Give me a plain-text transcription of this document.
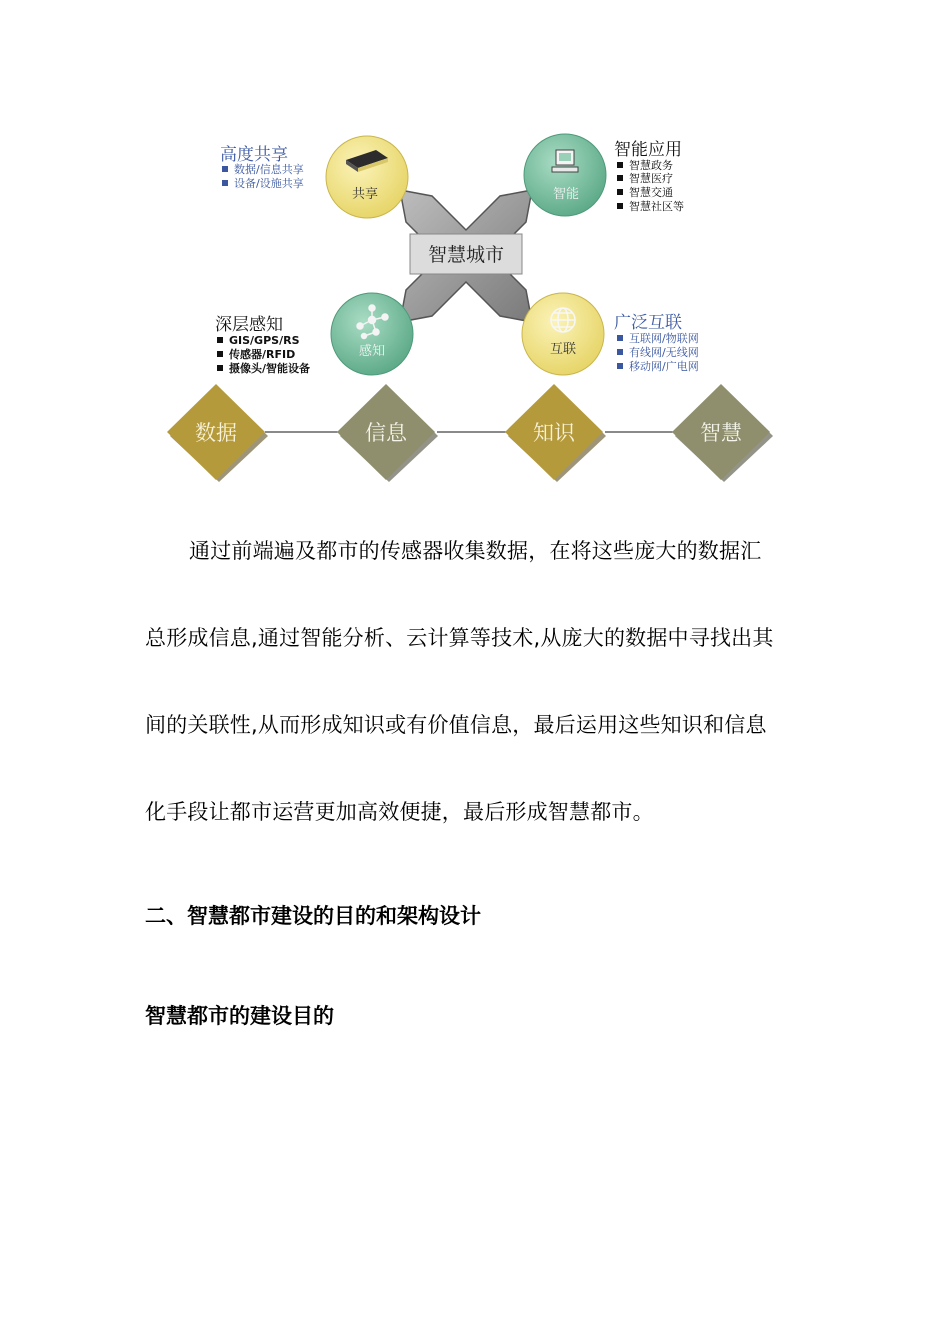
智慧城市
共享
高度共享
数据/信息共享
设备/设施共享
智能
智能应用
智慧政务
智慧医疗
智慧交通
智慧社区等
感知
深层感知
GIS/GPS/RS
传感器/RFID
摄像头/智能设备
互联
广泛互联
互联网/物联网
有线网/无线网
移动网/广电网
数据	信息	知识	智慧
通过前端遍及都市的传感器收集数据，在将这些庞大的数据汇
总形成信息,通过智能分析、云计算等技术,从庞大的数据中寻找出其
间的关联性,从而形成知识或有价值信息，最后运用这些知识和信息
化手段让都市运营更加高效便捷，最后形成智慧都市。
二、智慧都市建设的目的和架构设计
智慧都市的建设目的
